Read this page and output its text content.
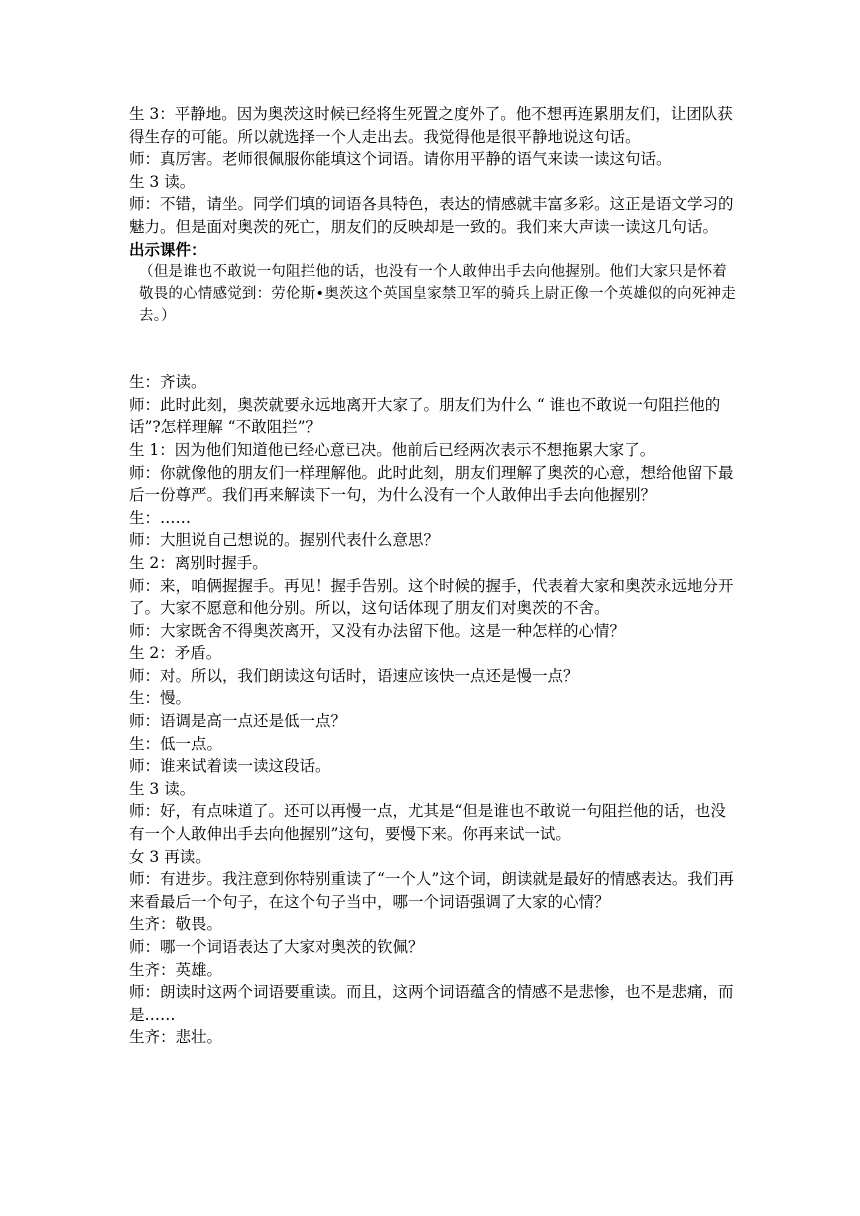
生 3：平静地。因为奥茨这时候已经将生死置之度外了。他不想再连累朋友们，让团队获得生存的可能。所以就选择一个人走出去。我觉得他是很平静地说这句话。

师：真厉害。老师很佩服你能填这个词语。请你用平静的语气来读一读这句话。

生 3 读。

师：不错，请坐。同学们填的词语各具特色，表达的情感就丰富多彩。这正是语文学习的魅力。但是面对奥茨的死亡，朋友们的反映却是一致的。我们来大声读一读这几句话。

出示课件：

（但是谁也不敢说一句阻拦他的话，也没有一个人敢伸出手去向他握别。他们大家只是怀着敬畏的心情感觉到：劳伦斯•奥茨这个英国皇家禁卫军的骑兵上尉正像一个英雄似的向死神走去。）

生：齐读。

师：此时此刻，奥茨就要永远地离开大家了。朋友们为什么 “ 谁也不敢说一句阻拦他的话”?怎样理解 “不敢阻拦”？

生 1：因为他们知道他已经心意已决。他前后已经两次表示不想拖累大家了。

师：你就像他的朋友们一样理解他。此时此刻，朋友们理解了奥茨的心意，想给他留下最后一份尊严。我们再来解读下一句，为什么没有一个人敢伸出手去向他握别？

生：……

师：大胆说自己想说的。握别代表什么意思？

生 2：离别时握手。

师：来，咱俩握握手。再见！握手告别。这个时候的握手，代表着大家和奥茨永远地分开了。大家不愿意和他分别。所以，这句话体现了朋友们对奥茨的不舍。

师：大家既舍不得奥茨离开，又没有办法留下他。这是一种怎样的心情？

生 2：矛盾。

师：对。所以，我们朗读这句话时，语速应该快一点还是慢一点？

生：慢。

师：语调是高一点还是低一点？

生：低一点。

师：谁来试着读一读这段话。

生 3 读。

师：好，有点味道了。还可以再慢一点，尤其是“但是谁也不敢说一句阻拦他的话，也没有一个人敢伸出手去向他握别”这句，要慢下来。你再来试一试。

女 3 再读。

师：有进步。我注意到你特别重读了“一个人”这个词，朗读就是最好的情感表达。我们再来看最后一个句子，在这个句子当中，哪一个词语强调了大家的心情？

生齐：敬畏。

师：哪一个词语表达了大家对奥茨的钦佩？

生齐：英雄。

师：朗读时这两个词语要重读。而且，这两个词语蕴含的情感不是悲惨，也不是悲痛，而是……

生齐：悲壮。
